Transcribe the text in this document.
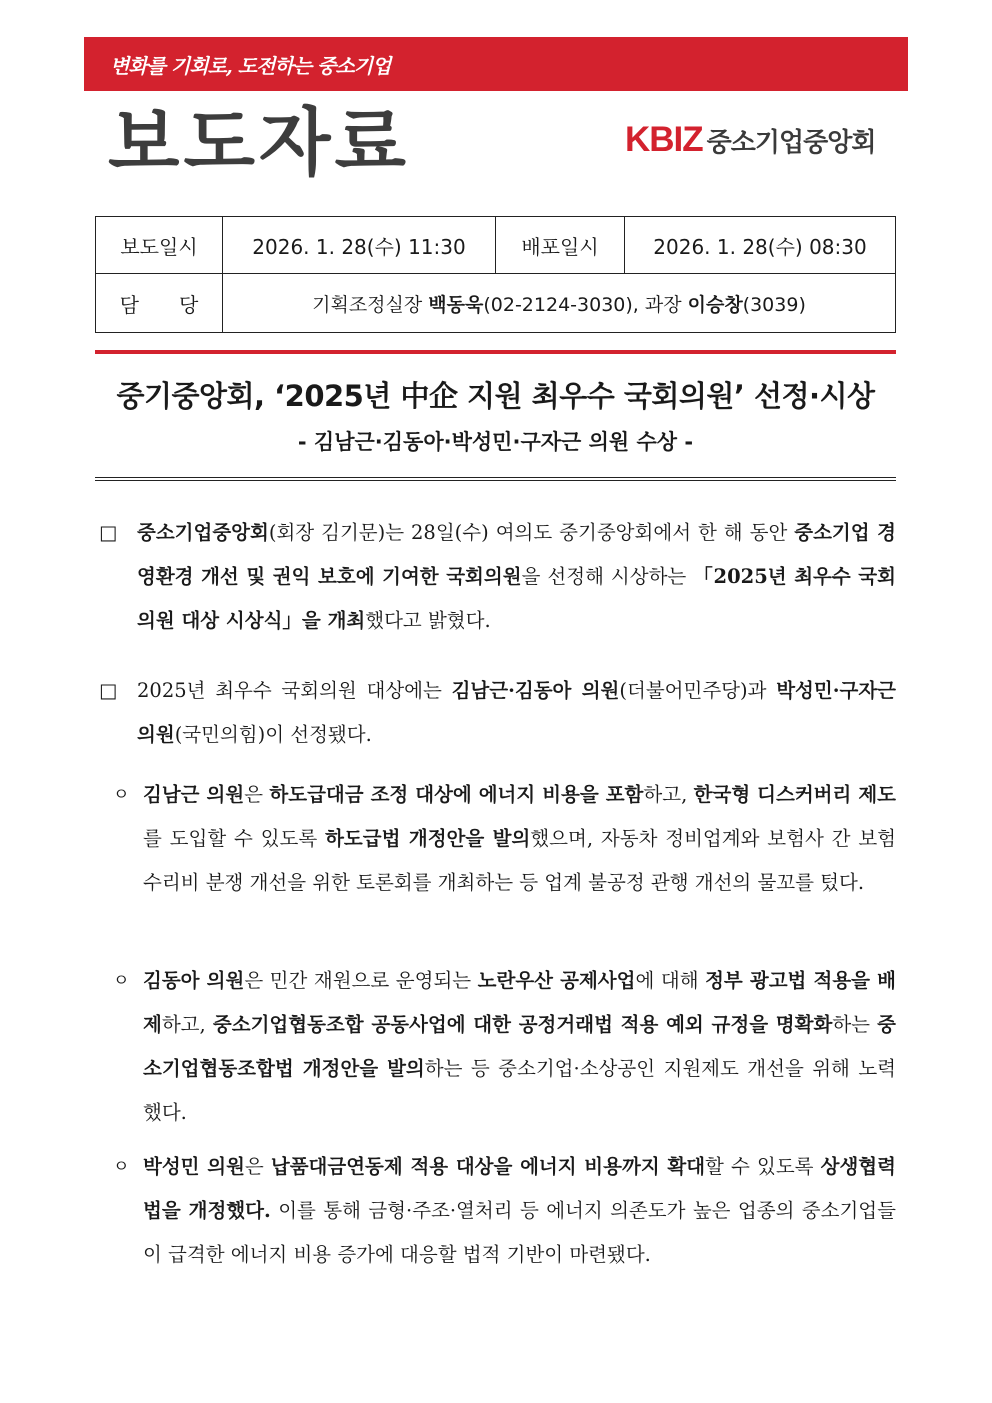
변화를 기회로, 도전하는 중소기업
보도자료	KBIZ 중소기업중앙회
보도일시	2026. 1. 28(수) 11:30	배포일시	2026. 1. 28(수) 08:30
담　　당	기획조정실장 백동욱(02-2124-3030), 과장 이승창(3039)		
중기중앙회, ‘2025년 中企 지원 최우수 국회의원’ 선정·시상
- 김남근·김동아·박성민·구자근 의원 수상 -
□	중소기업중앙회(회장 김기문)는 28일(수) 여의도 중기중앙회에서 한 해 동안 중소기업 경영환경 개선 및 권익 보호에 기여한 국회의원을 선정해 시상하는 「2025년 최우수 국회의원 대상 시상식」을 개최했다고 밝혔다.
□	2025년 최우수 국회의원 대상에는 김남근·김동아 의원(더불어민주당)과 박성민·구자근 의원(국민의힘)이 선정됐다.
ㅇ 김남근 의원은 하도급대금 조정 대상에 에너지 비용을 포함하고, 한국형 디스커버리 제도를 도입할 수 있도록 하도급법 개정안을 발의했으며, 자동차 정비업계와 보험사 간 보험 수리비 분쟁 개선을 위한 토론회를 개최하는 등 업계 불공정 관행 개선의 물꼬를 텄다.
ㅇ 김동아 의원은 민간 재원으로 운영되는 노란우산 공제사업에 대해 정부 광고법 적용을 배제하고, 중소기업협동조합 공동사업에 대한 공정거래법 적용 예외 규정을 명확화하는 중소기업협동조합법 개정안을 발의하는 등 중소기업·소상공인 지원제도 개선을 위해 노력했다.
ㅇ 박성민 의원은 납품대금연동제 적용 대상을 에너지 비용까지 확대할 수 있도록 상생협력법을 개정했다. 이를 통해 금형·주조·열처리 등 에너지 의존도가 높은 업종의 중소기업들이 급격한 에너지 비용 증가에 대응할 법적 기반이 마련됐다.
